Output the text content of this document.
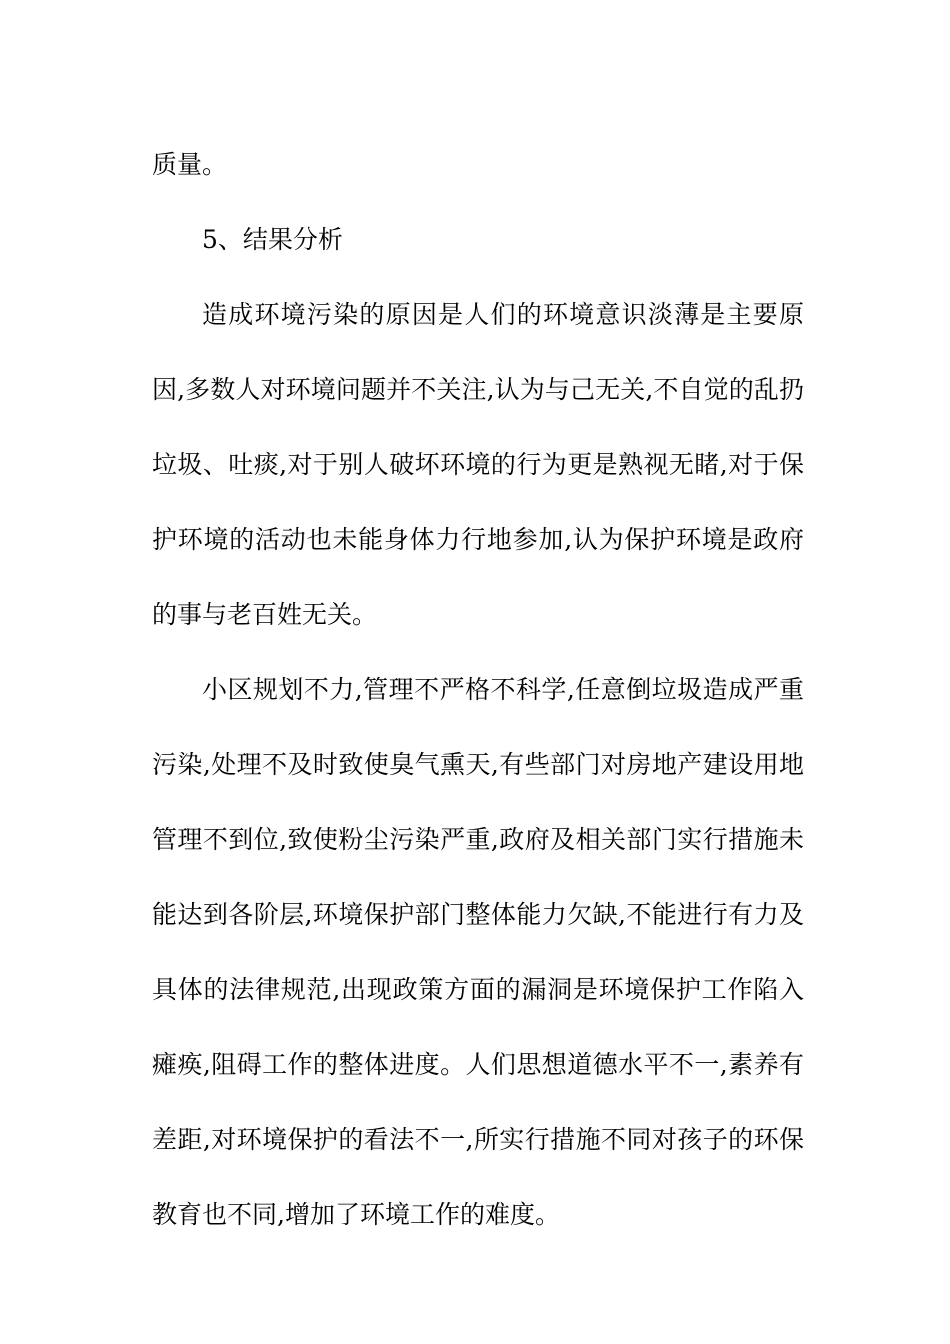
质量。

5、结果分析

造成环境污染的原因是人们的环境意识淡薄是主要原因,多数人对环境问题并不关注,认为与己无关,不自觉的乱扔垃圾、吐痰,对于别人破坏环境的行为更是熟视无睹,对于保护环境的活动也未能身体力行地参加,认为保护环境是政府的事与老百姓无关。

小区规划不力,管理不严格不科学,任意倒垃圾造成严重污染,处理不及时致使臭气熏天,有些部门对房地产建设用地管理不到位,致使粉尘污染严重,政府及相关部门实行措施未能达到各阶层,环境保护部门整体能力欠缺,不能进行有力及具体的法律规范,出现政策方面的漏洞是环境保护工作陷入瘫痪,阻碍工作的整体进度。人们思想道德水平不一,素养有差距,对环境保护的看法不一,所实行措施不同对孩子的环保教育也不同,增加了环境工作的难度。
